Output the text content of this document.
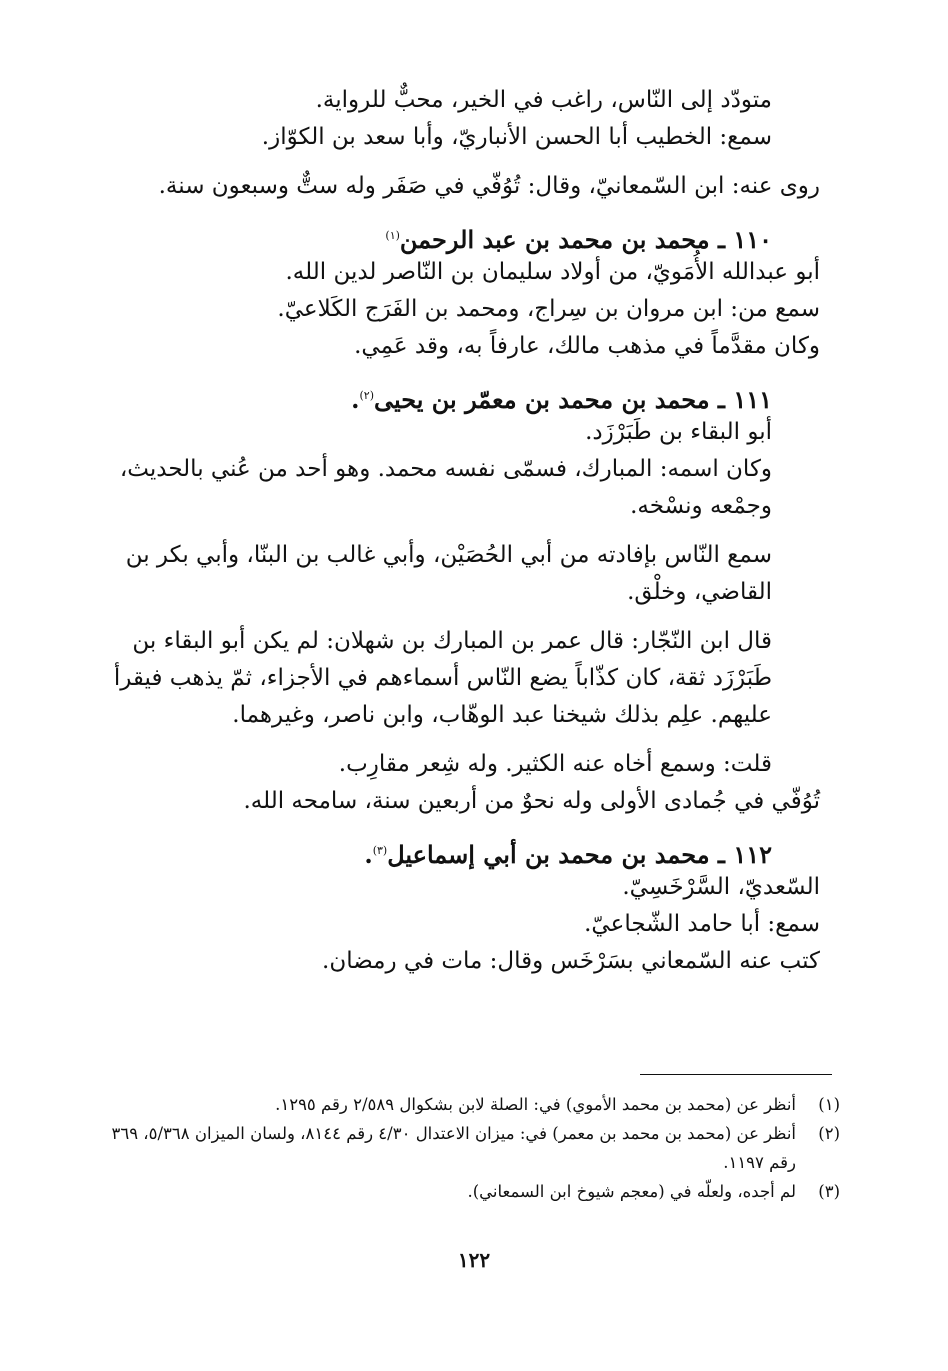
متودّد إلى النّاس، راغب في الخير، محبٌّ للرواية.
سمع: الخطيب أبا الحسن الأنباريّ، وأبا سعد بن الكوّاز.
روى عنه: ابن السّمعانيّ، وقال: تُوُفّي في صَفَر وله ستٌّ وسبعون سنة.
١١٠ ـ محمد بن محمد بن عبد الرحمن$^{(١)}$
أبو عبدالله الأُمَويّ، من أولاد سليمان بن النّاصر لدين الله.
سمع من: ابن مروان بن سِراج، ومحمد بن الفَرَج الكَلاعيّ.
وكان مقدَّماً في مذهب مالك، عارفاً به، وقد عَمِي.
١١١ ـ محمد بن محمد بن معمّر بن يحيى$^{(٢)}$.
أبو البقاء بن طَبَرْزَد.
وكان اسمه: المبارك، فسمّى نفسه محمد. وهو أحد من عُني بالحديث، وجمْعه ونسْخه.
سمع النّاس بإفادته من أبي الحُصَيْن، وأبي غالب بن البنّا، وأبي بكر بن القاضي، وخلْق.
قال ابن النّجّار: قال عمر بن المبارك بن شهلان: لم يكن أبو البقاء بن طَبَرْزَد ثقة، كان كذّاباً يضع النّاس أسماءهم في الأجزاء، ثمّ يذهب فيقرأ عليهم. علِم بذلك شيخنا عبد الوهّاب، وابن ناصر، وغيرهما.
قلت: وسمع أخاه عنه الكثير. وله شِعر مقارِب.
تُوُفّي في جُمادى الأولى وله نحوٌ من أربعين سنة، سامحه الله.
١١٢ ـ محمد بن محمد بن أبي إسماعيل$^{(٣)}$.
السّعديّ، السَّرْخَسِيّ.
سمع: أبا حامد الشّجاعيّ.
كتب عنه السّمعاني بسَرْخَس وقال: مات في رمضان.
(١)
أنظر عن (محمد بن محمد الأموي) في: الصلة لابن بشكوال ٢/٥٨٩ رقم ١٢٩٥.
(٢)
أنظر عن (محمد بن محمد بن معمر) في: ميزان الاعتدال ٤/٣٠ رقم ٨١٤٤، ولسان الميزان ٥/٣٦٨، ٣٦٩ رقم ١١٩٧.
(٣)
لم أجده، ولعلّه في (معجم شيوخ ابن السمعاني).
١٢٢
